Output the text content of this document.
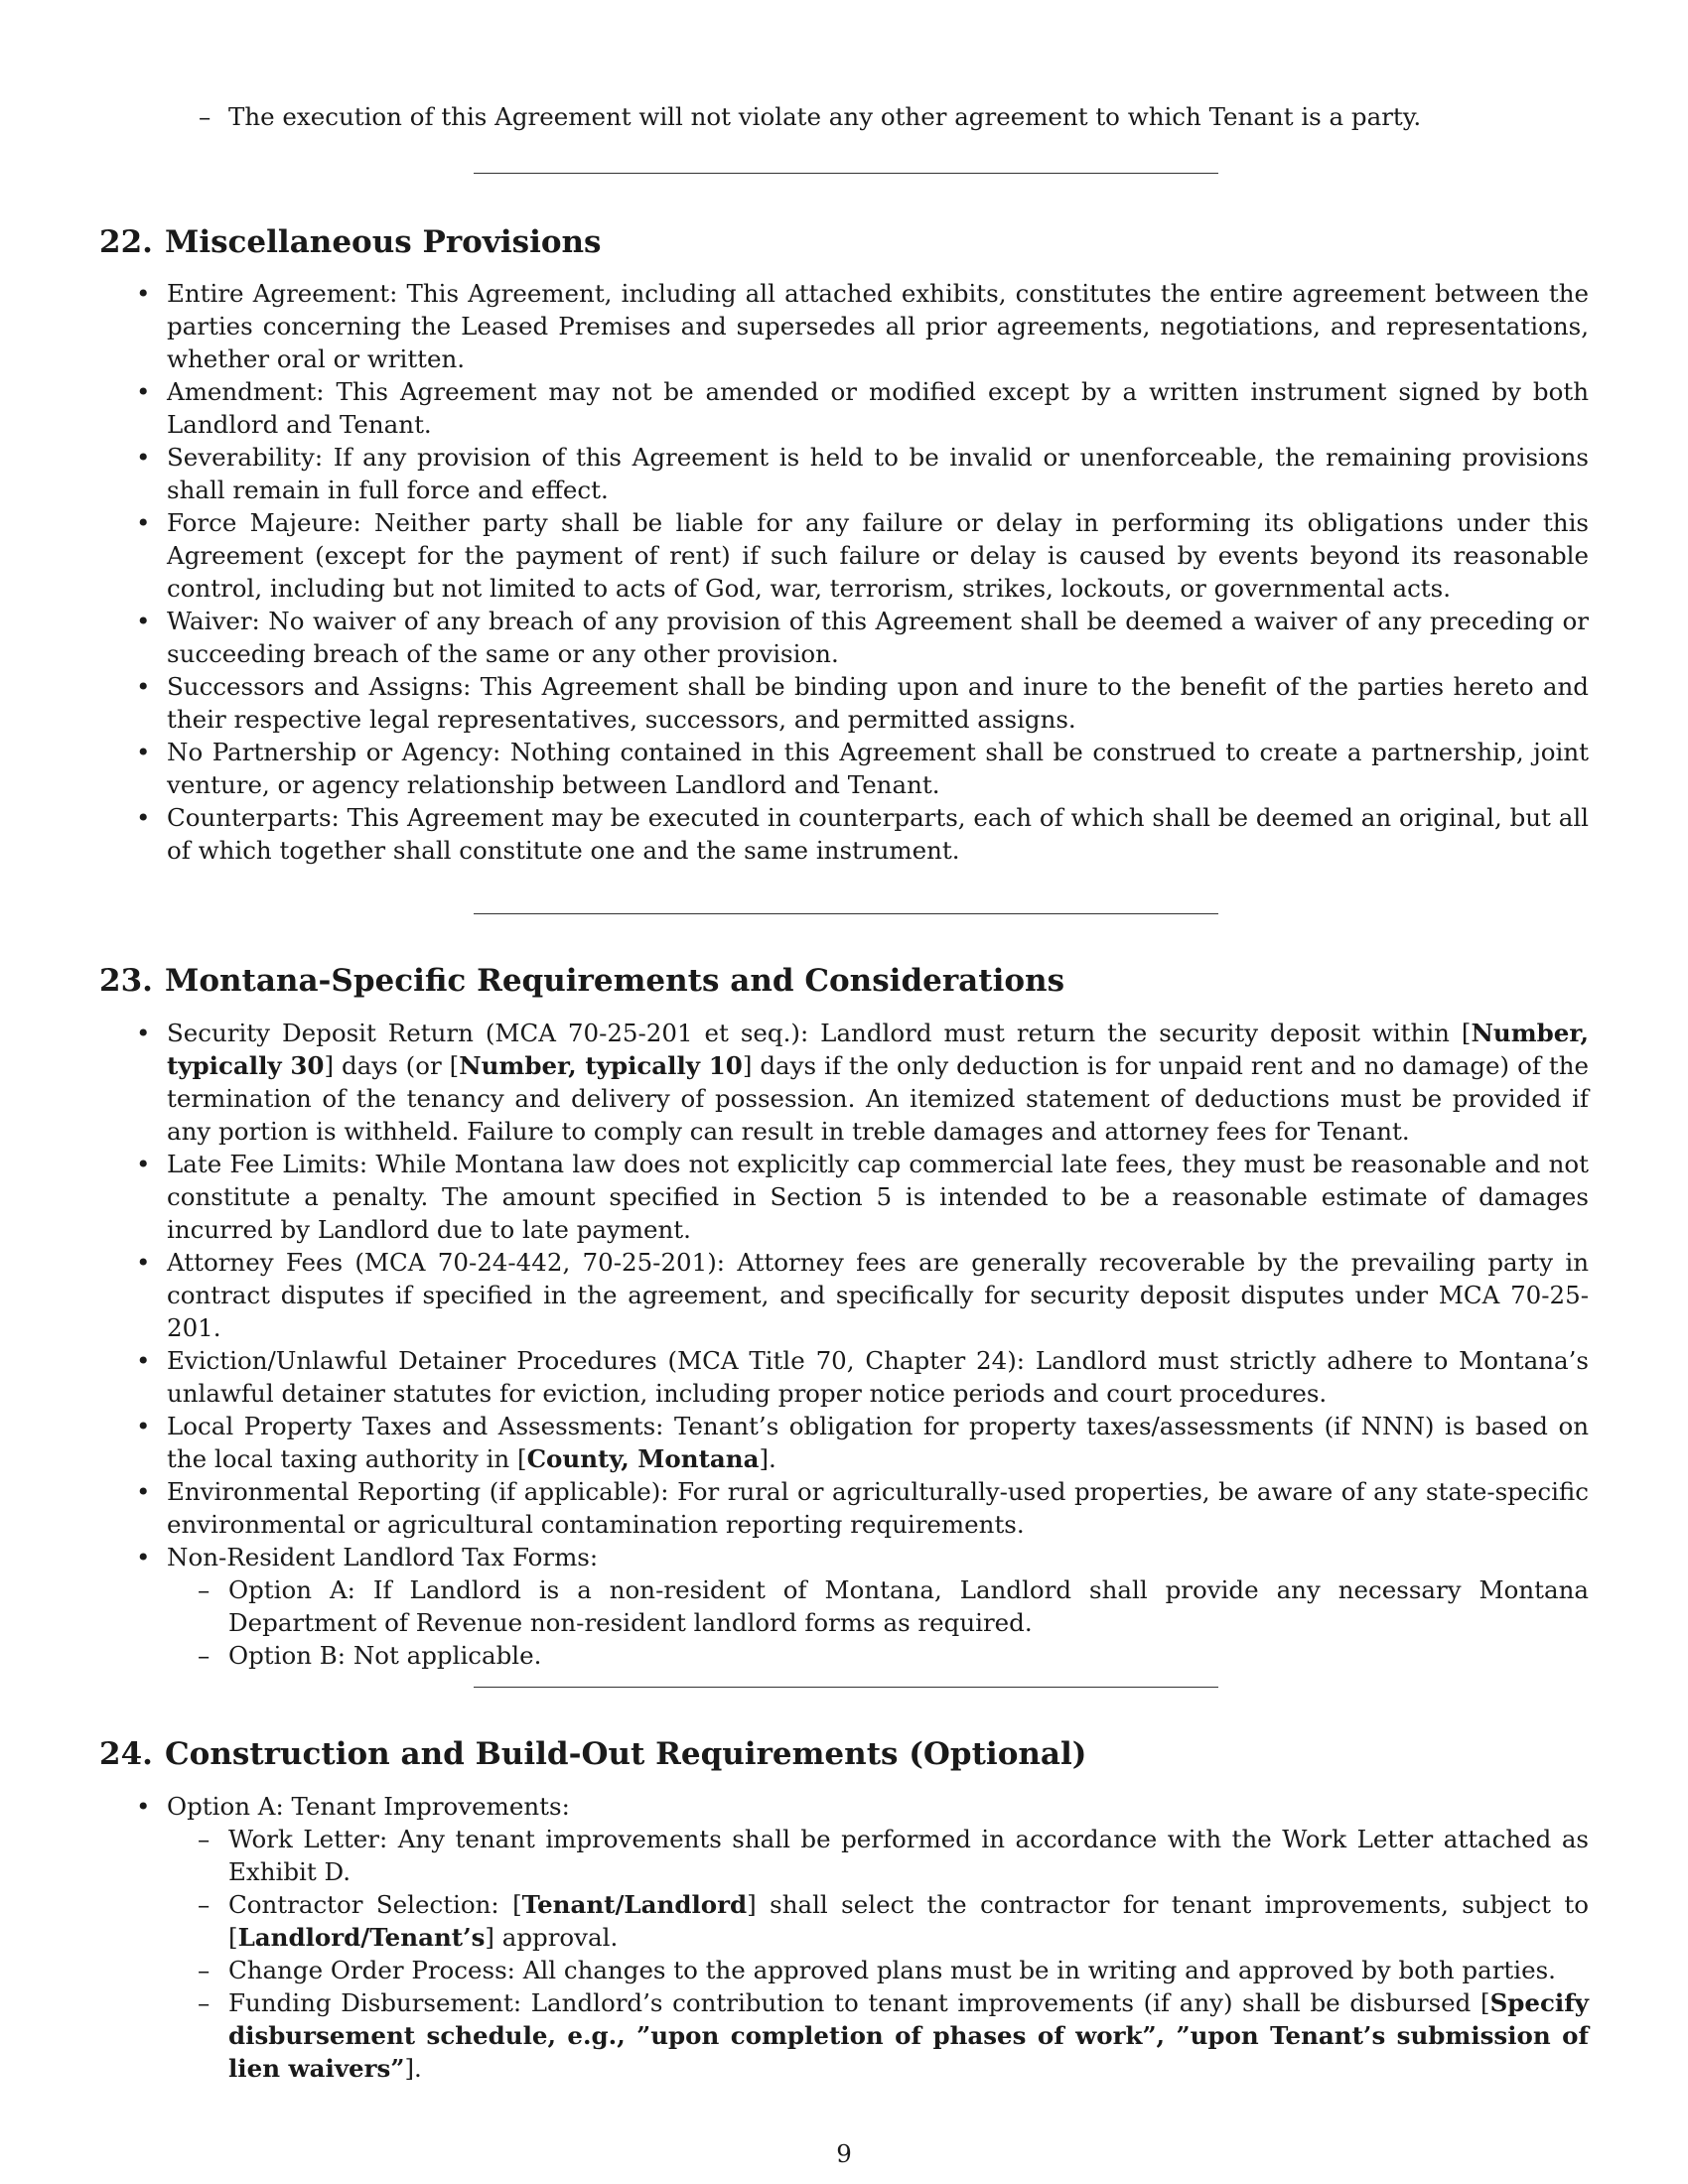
– The execution of this Agreement will not violate any other agreement to which Tenant is a party.
22. Miscellaneous Provisions
• Entire Agreement: This Agreement, including all attached exhibits, constitutes the entire agreement between the parties concerning the Leased Premises and supersedes all prior agreements, negotiations, and representations, whether oral or written.
• Amendment: This Agreement may not be amended or modified except by a written instrument signed by both Landlord and Tenant.
• Severability: If any provision of this Agreement is held to be invalid or unenforceable, the remaining provisions shall remain in full force and effect.
• Force Majeure: Neither party shall be liable for any failure or delay in performing its obligations under this Agreement (except for the payment of rent) if such failure or delay is caused by events beyond its reasonable control, including but not limited to acts of God, war, terrorism, strikes, lockouts, or governmental acts.
• Waiver: No waiver of any breach of any provision of this Agreement shall be deemed a waiver of any preceding or succeeding breach of the same or any other provision.
• Successors and Assigns: This Agreement shall be binding upon and inure to the benefit of the parties hereto and their respective legal representatives, successors, and permitted assigns.
• No Partnership or Agency: Nothing contained in this Agreement shall be construed to create a partnership, joint venture, or agency relationship between Landlord and Tenant.
• Counterparts: This Agreement may be executed in counterparts, each of which shall be deemed an original, but all of which together shall constitute one and the same instrument.
23. Montana-Specific Requirements and Considerations
• Security Deposit Return (MCA 70-25-201 et seq.): Landlord must return the security deposit within [Number, typically 30] days (or [Number, typically 10] days if the only deduction is for unpaid rent and no damage) of the termination of the tenancy and delivery of possession. An itemized statement of deductions must be provided if any portion is withheld. Failure to comply can result in treble damages and attorney fees for Tenant.
• Late Fee Limits: While Montana law does not explicitly cap commercial late fees, they must be reasonable and not constitute a penalty. The amount specified in Section 5 is intended to be a reasonable estimate of damages incurred by Landlord due to late payment.
• Attorney Fees (MCA 70-24-442, 70-25-201): Attorney fees are generally recoverable by the prevailing party in contract disputes if specified in the agreement, and specifically for security deposit disputes under MCA 70-25-201.
• Eviction/Unlawful Detainer Procedures (MCA Title 70, Chapter 24): Landlord must strictly adhere to Montana’s unlawful detainer statutes for eviction, including proper notice periods and court procedures.
• Local Property Taxes and Assessments: Tenant’s obligation for property taxes/assessments (if NNN) is based on the local taxing authority in [County, Montana].
• Environmental Reporting (if applicable): For rural or agriculturally-used properties, be aware of any state-specific environmental or agricultural contamination reporting requirements.
• Non-Resident Landlord Tax Forms:
– Option A: If Landlord is a non-resident of Montana, Landlord shall provide any necessary Montana Department of Revenue non-resident landlord forms as required.
– Option B: Not applicable.
24. Construction and Build-Out Requirements (Optional)
• Option A: Tenant Improvements:
– Work Letter: Any tenant improvements shall be performed in accordance with the Work Letter attached as Exhibit D.
– Contractor Selection: [Tenant/Landlord] shall select the contractor for tenant improvements, subject to [Landlord/Tenant’s] approval.
– Change Order Process: All changes to the approved plans must be in writing and approved by both parties.
– Funding Disbursement: Landlord’s contribution to tenant improvements (if any) shall be disbursed [Specify disbursement schedule, e.g., ”upon completion of phases of work”, ”upon Tenant’s submission of lien waivers”].
9
